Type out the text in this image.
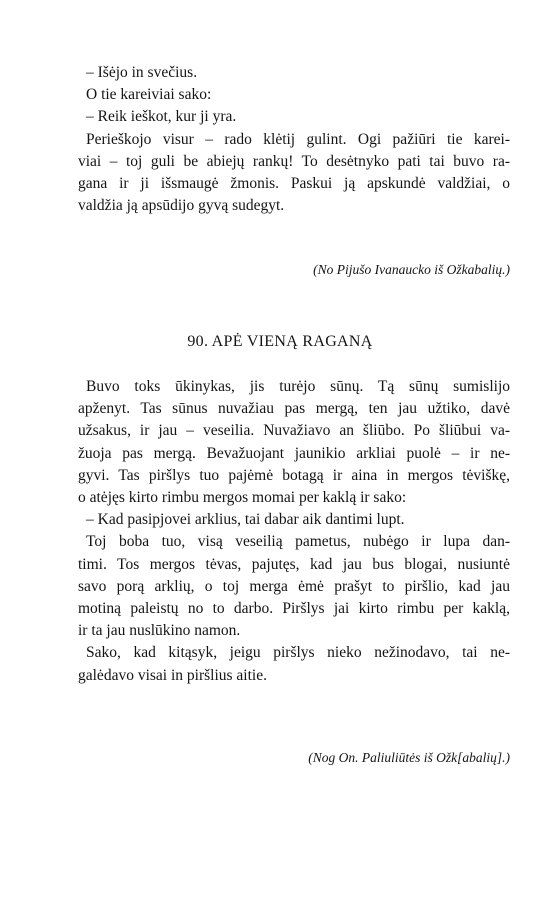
– Išėjo in svečius.
O tie kareiviai sako:
– Reik ieškot, kur ji yra.
Perieškojo visur – rado klėtij gulint. Ogi pažiūri tie karei-
viai – toj guli be abiejų rankų! To desėtnyko pati tai buvo ra-
gana ir ji išsmaugė žmonis. Paskui ją apskundė valdžiai, o
valdžia ją apsūdijo gyvą sudegyt.

(No Pijušo Ivanaucko iš Ožkabalių.)
90. APĖ VIENĄ RAGANĄ

Buvo toks ūkinykas, jis turėjo sūnų. Tą sūnų sumislijo
apženyt. Tas sūnus nuvažiau pas mergą, ten jau užtiko, davė
užsakus, ir jau – veseilia. Nuvažiavo an šliūbo. Po šliūbui va-
žuoja pas mergą. Bevažuojant jaunikio arkliai puolė – ir ne-
gyvi. Tas piršlys tuo pajėmė botagą ir aina in mergos tėviškę,
o atėjęs kirto rimbu mergos momai per kaklą ir sako:
– Kad pasipjovei arklius, tai dabar aik dantimi lupt.
Toj boba tuo, visą veseilią pametus, nubėgo ir lupa dan-
timi. Tos mergos tėvas, pajutęs, kad jau bus blogai, nusiuntė
savo porą arklių, o toj merga ėmė prašyt to piršlio, kad jau
motiną paleistų no to darbo. Piršlys jai kirto rimbu per kaklą,
ir ta jau nuslūkino namon.
Sako, kad kitąsyk, jeigu piršlys nieko nežinodavo, tai ne-
galėdavo visai in piršlius aitie.

(Nog On. Paliuliūtės iš Ožk[abalių].)
